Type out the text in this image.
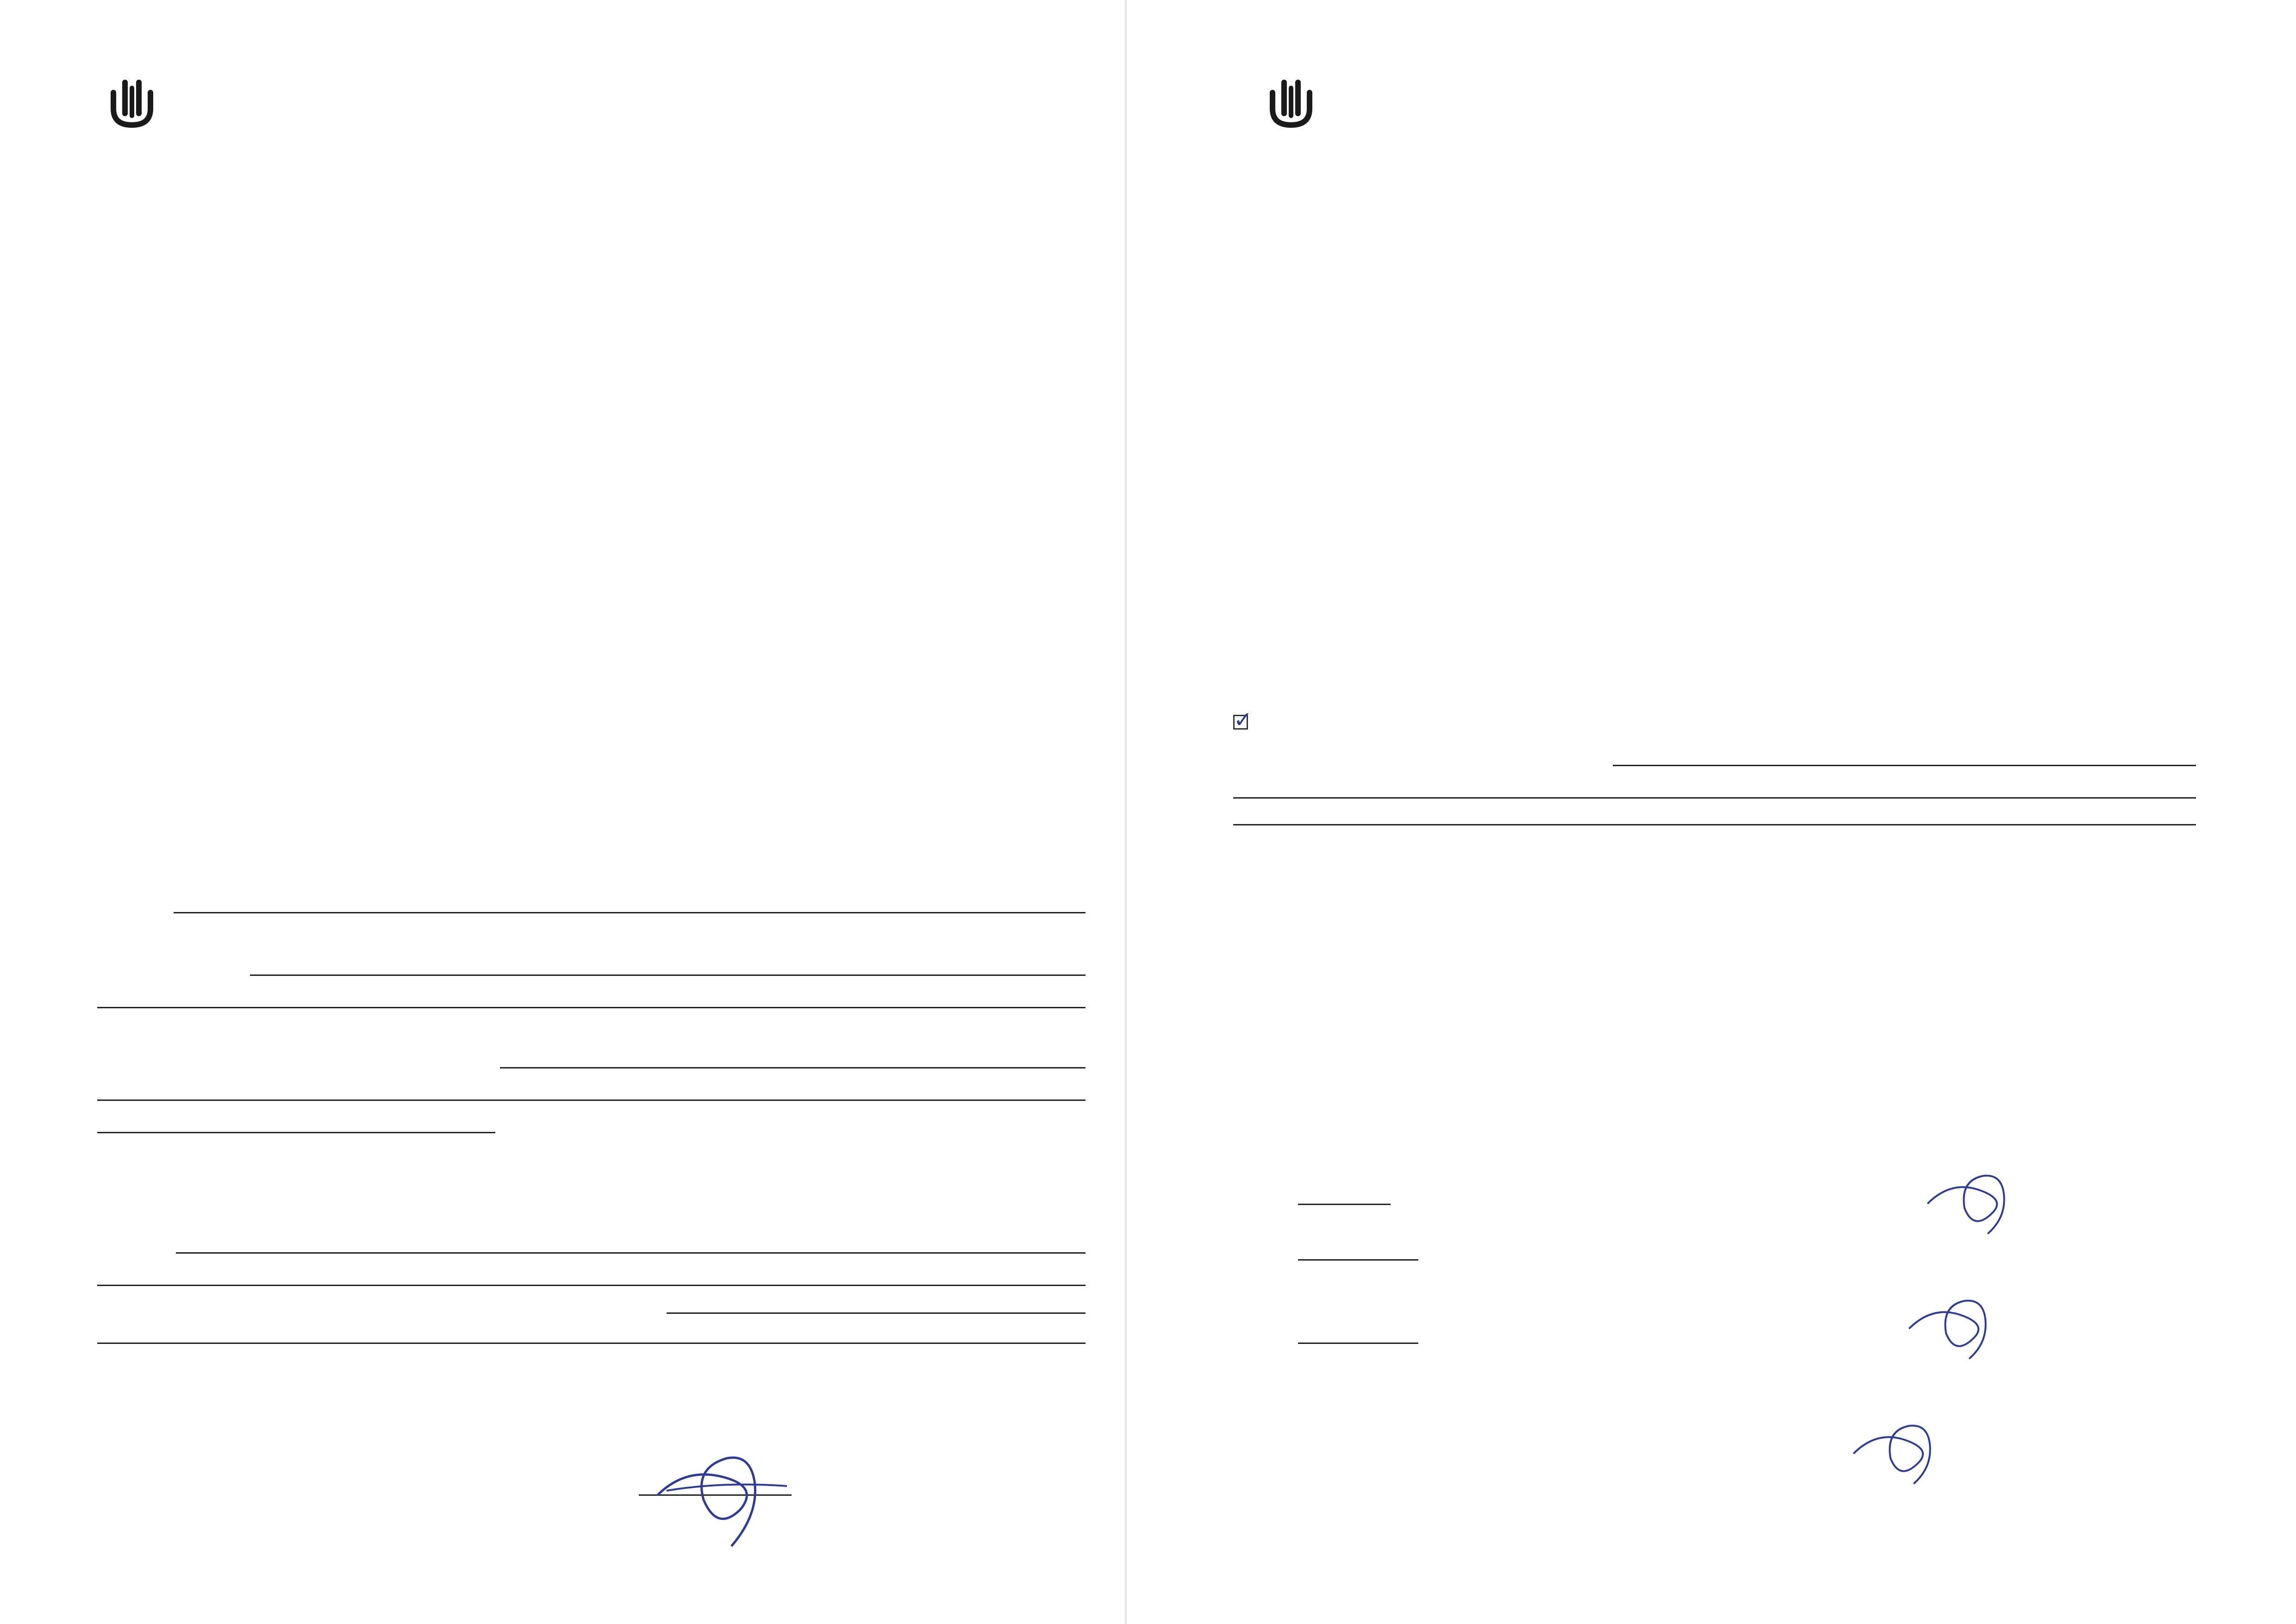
✓
